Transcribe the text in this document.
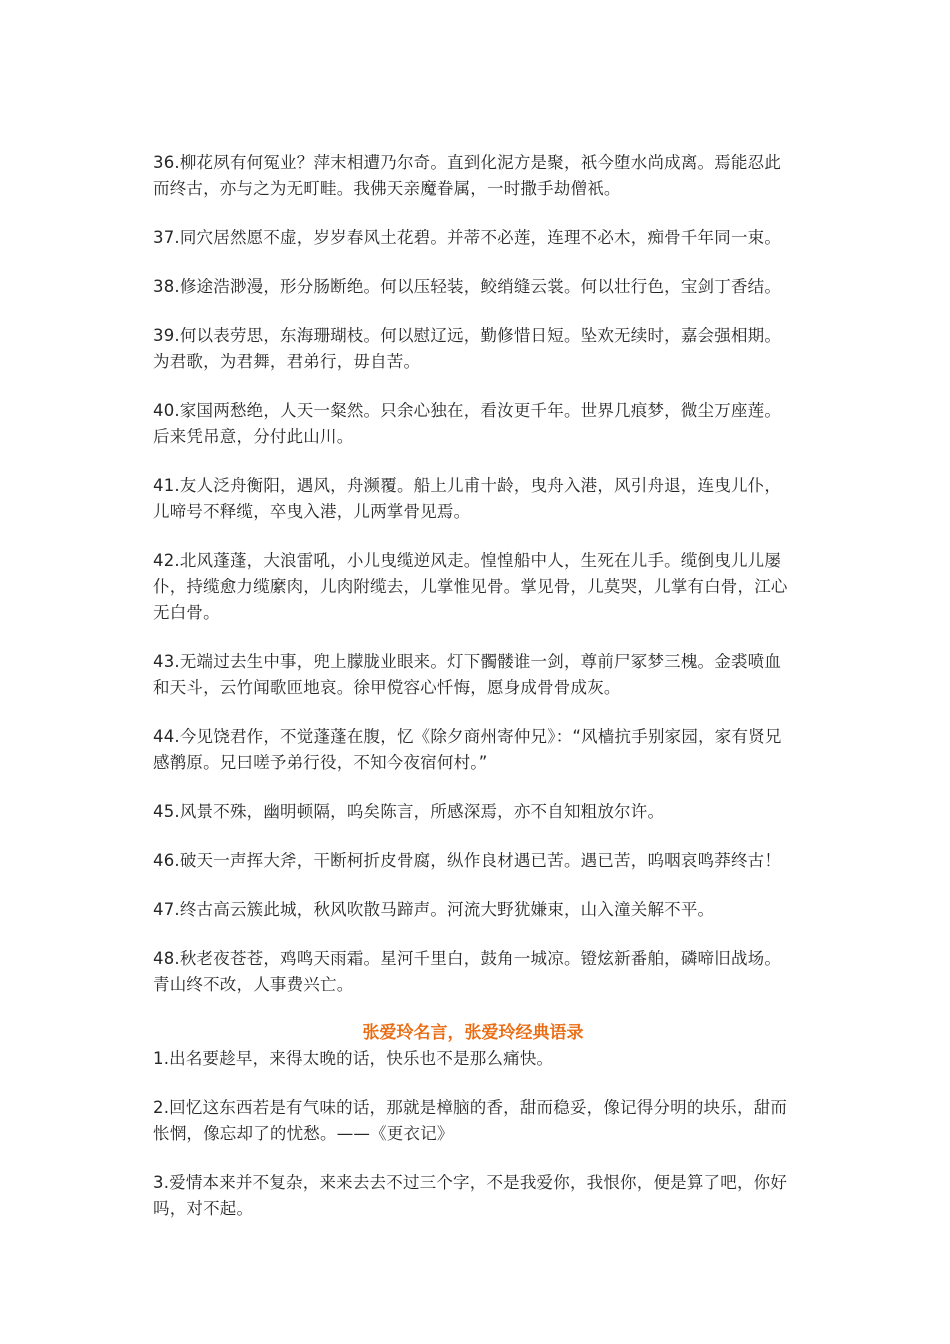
36.柳花夙有何冤业？萍末相遭乃尔奇。直到化泥方是聚，祇今堕水尚成离。焉能忍此而终古，亦与之为无町畦。我佛天亲魔眷属，一时撒手劫僧祇。

37.同穴居然愿不虚，岁岁春风土花碧。并蒂不必莲，连理不必木，痴骨千年同一束。

38.修途浩渺漫，形分肠断绝。何以压轻装，鲛绡缝云裳。何以壮行色，宝剑丁香结。

39.何以表劳思，东海珊瑚枝。何以慰辽远，勤修惜日短。坠欢无续时，嘉会强相期。为君歌，为君舞，君弟行，毋自苦。

40.家国两愁绝，人天一粲然。只余心独在，看汝更千年。世界几痕梦，微尘万座莲。后来凭吊意，分付此山川。

41.友人泛舟衡阳，遇风，舟濒覆。船上儿甫十龄，曳舟入港，风引舟退，连曳儿仆，儿啼号不释缆，卒曳入港，儿两掌骨见焉。

42.北风蓬蓬，大浪雷吼，小儿曳缆逆风走。惶惶船中人，生死在儿手。缆倒曳儿儿屡仆，持缆愈力缆縻肉，儿肉附缆去，儿掌惟见骨。掌见骨，儿莫哭，儿掌有白骨，江心无白骨。

43.无端过去生中事，兜上朦胧业眼来。灯下髑髅谁一剑，尊前尸冢梦三槐。金裘喷血和天斗，云竹闻歌匝地哀。徐甲傥容心忏悔，愿身成骨骨成灰。

44.今见饶君作，不觉蓬蓬在腹，忆《除夕商州寄仲兄》：“风樯抗手别家园，家有贤兄感鹡原。兄曰嗟予弟行役，不知今夜宿何村。”

45.风景不殊，幽明顿隔，呜矣陈言，所感深焉，亦不自知粗放尔许。

46.破天一声挥大斧，干断柯折皮骨腐，纵作良材遇已苦。遇已苦，呜咽哀鸣莽终古！

47.终古高云簇此城，秋风吹散马蹄声。河流大野犹嫌束，山入潼关解不平。

48.秋老夜苍苍，鸡鸣天雨霜。星河千里白，鼓角一城凉。镫炫新番舶，磷啼旧战场。青山终不改，人事费兴亡。

张爱玲名言，张爱玲经典语录

1.出名要趁早，来得太晚的话，快乐也不是那么痛快。

2.回忆这东西若是有气味的话，那就是樟脑的香，甜而稳妥，像记得分明的块乐，甜而怅惘，像忘却了的忧愁。——《更衣记》

3.爱情本来并不复杂，来来去去不过三个字，不是我爱你，我恨你，便是算了吧，你好吗，对不起。
